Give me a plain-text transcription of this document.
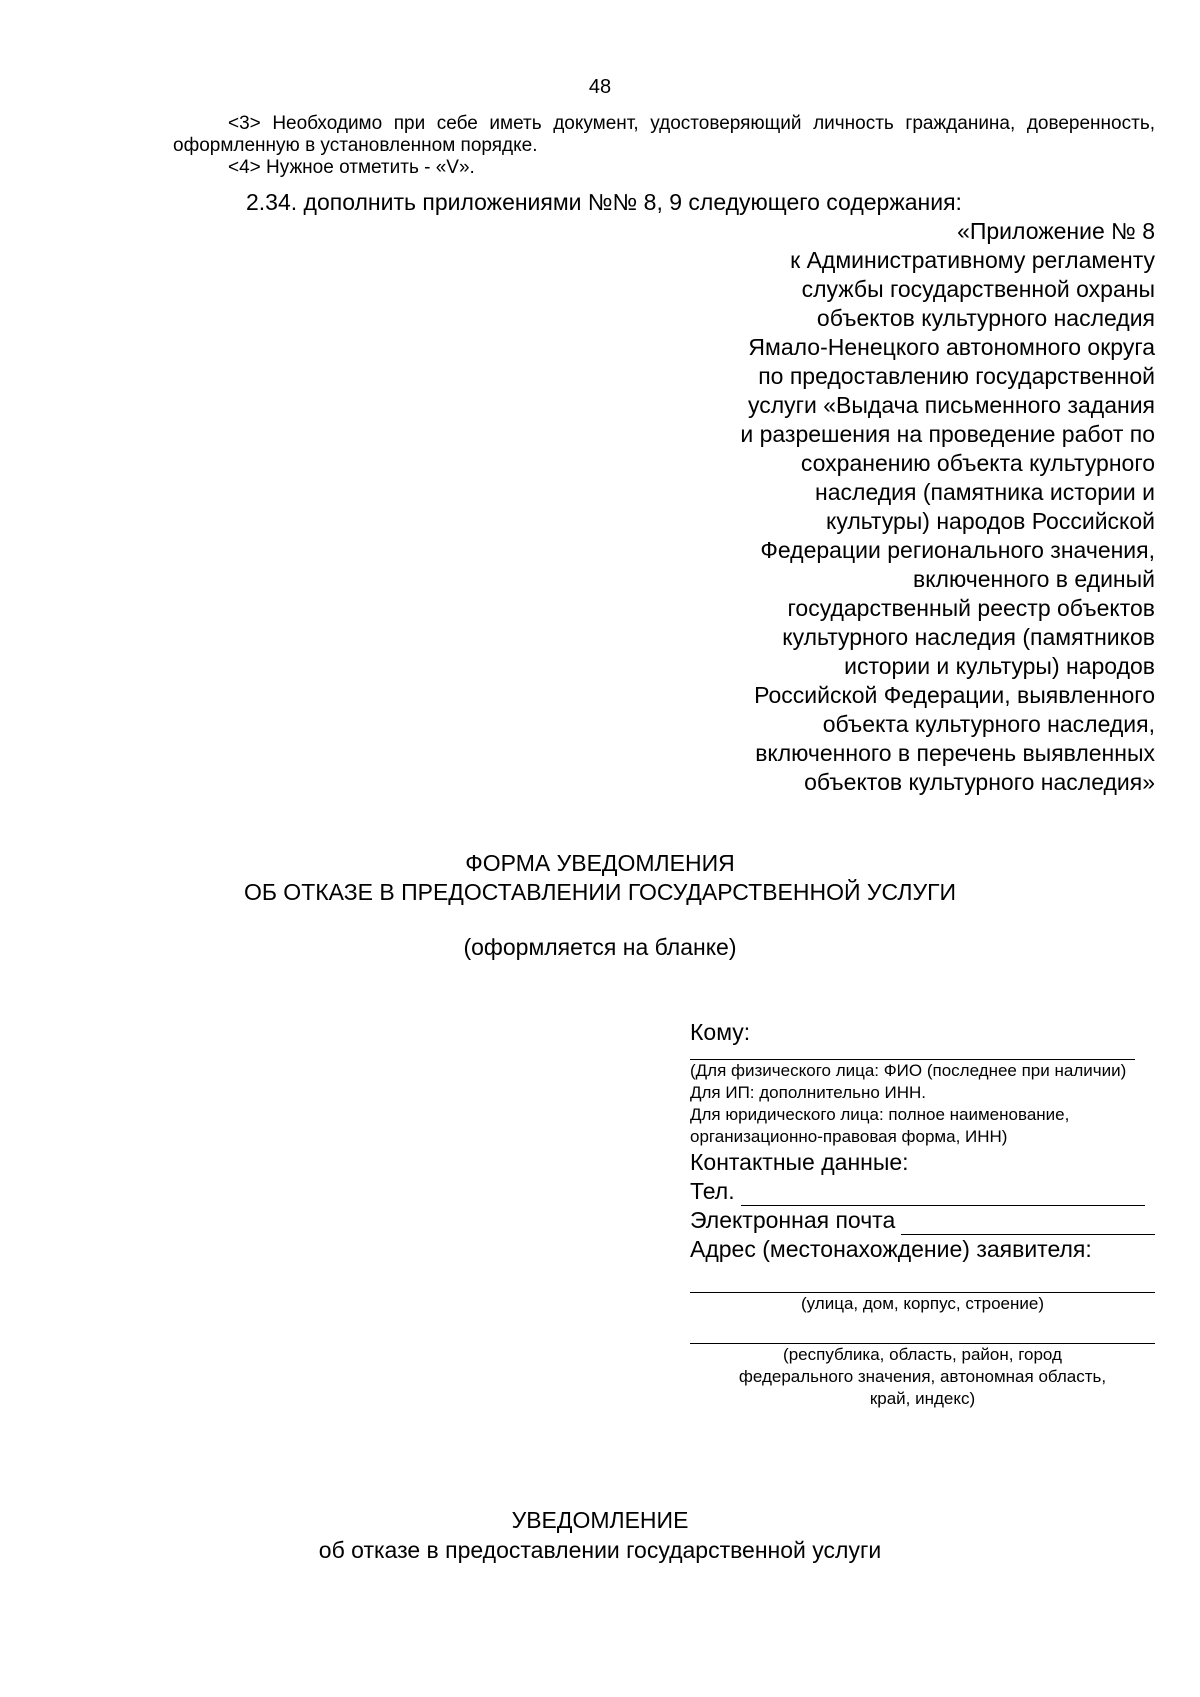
48

<3> Необходимо при себе иметь документ, удостоверяющий личность гражданина, доверенность, оформленную в установленном порядке.

<4> Нужное отметить - «V».

2.34. дополнить приложениями №№ 8, 9 следующего содержания:
«Приложение № 8
к Административному регламенту
службы государственной охраны
объектов культурного наследия
Ямало-Ненецкого автономного округа
по предоставлению государственной
услуги «Выдача письменного задания
и разрешения на проведение работ по
сохранению объекта культурного
наследия (памятника истории и
культуры) народов Российской
Федерации регионального значения,
включенного в единый
государственный реестр объектов
культурного наследия (памятников
истории и культуры) народов
Российской Федерации, выявленного
объекта культурного наследия,
включенного в перечень выявленных
объектов культурного наследия»
ФОРМА УВЕДОМЛЕНИЯ
ОБ ОТКАЗЕ В ПРЕДОСТАВЛЕНИИ ГОСУДАРСТВЕННОЙ УСЛУГИ
(оформляется на бланке)
Кому:

(Для физического лица: ФИО (последнее при наличии)

Для ИП: дополнительно ИНН.

Для юридического лица: полное наименование,

организационно-правовая форма, ИНН)

Контактные данные:
Тел.
Электронная почта
Адрес (местонахождение) заявителя:
(улица, дом, корпус, строение)
(республика, область, район, город
федерального значения, автономная область,
край, индекс)
УВЕДОМЛЕНИЕ
об отказе в предоставлении государственной услуги
